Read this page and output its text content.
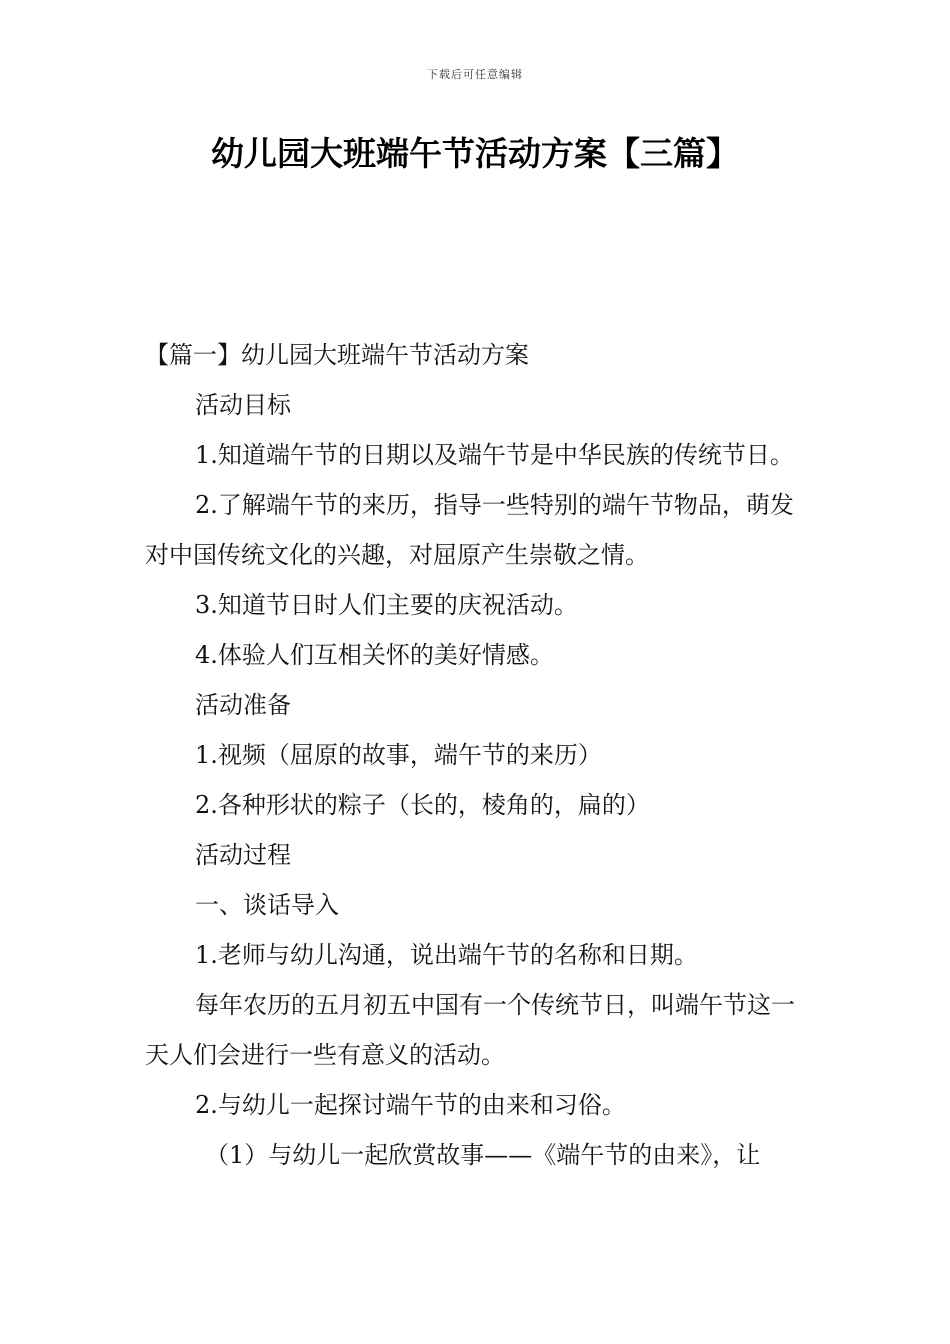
下载后可任意编辑
幼儿园大班端午节活动方案【三篇】

【篇一】幼儿园大班端午节活动方案

活动目标

1.知道端午节的日期以及端午节是中华民族的传统节日。

2.了解端午节的来历，指导一些特别的端午节物品，萌发对中国传统文化的兴趣，对屈原产生崇敬之情。

3.知道节日时人们主要的庆祝活动。

4.体验人们互相关怀的美好情感。

活动准备

1.视频（屈原的故事，端午节的来历）

2.各种形状的粽子（长的，棱角的，扁的）

活动过程

一、谈话导入

1.老师与幼儿沟通，说出端午节的名称和日期。

每年农历的五月初五中国有一个传统节日，叫端午节这一天人们会进行一些有意义的活动。

2.与幼儿一起探讨端午节的由来和习俗。

（1）与幼儿一起欣赏故事——《端午节的由来》，让
